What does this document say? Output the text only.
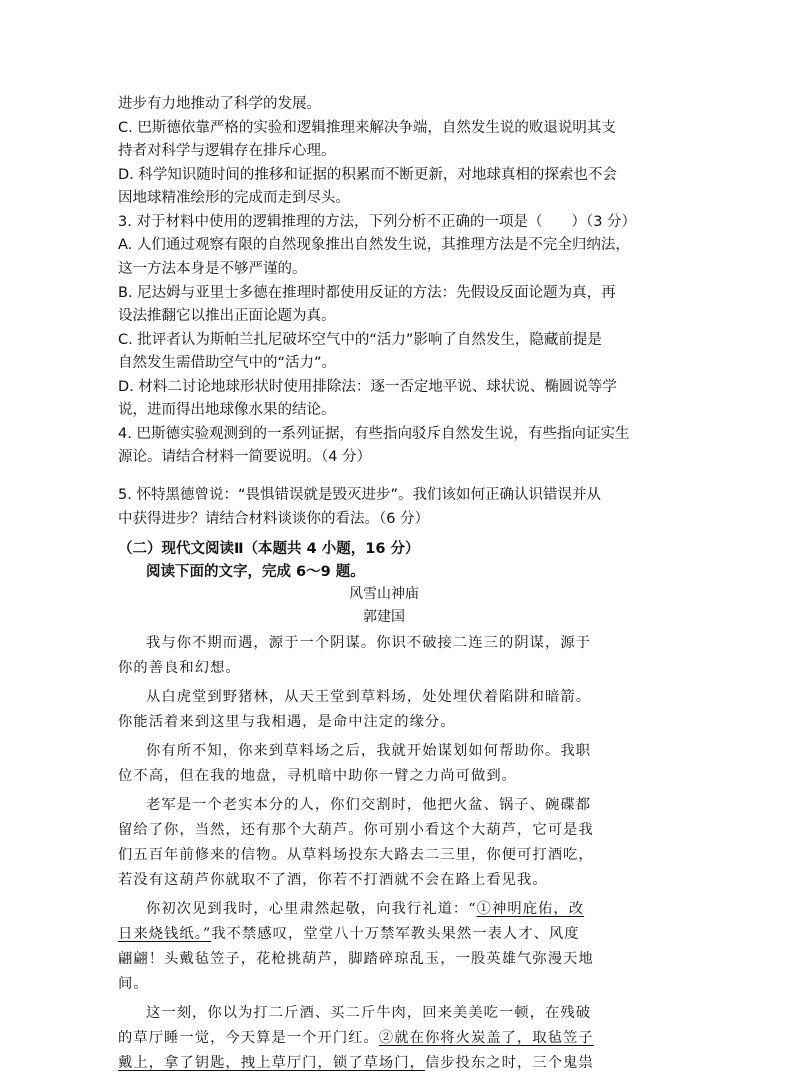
进步有力地推动了科学的发展。
C. 巴斯德依靠严格的实验和逻辑推理来解决争端，自然发生说的败退说明其支
持者对科学与逻辑存在排斥心理。
D. 科学知识随时间的推移和证据的积累而不断更新，对地球真相的探索也不会
因地球精准绘形的完成而走到尽头。
3. 对于材料中使用的逻辑推理的方法，下列分析不正确的一项是（　　）（3 分）
A. 人们通过观察有限的自然现象推出自然发生说，其推理方法是不完全归纳法，
这一方法本身是不够严谨的。
B. 尼达姆与亚里士多德在推理时都使用反证的方法：先假设反面论题为真，再
设法推翻它以推出正面论题为真。
C. 批评者认为斯帕兰扎尼破坏空气中的“活力”影响了自然发生，隐藏前提是
自然发生需借助空气中的“活力”。
D. 材料二讨论地球形状时使用排除法：逐一否定地平说、球状说、椭圆说等学
说，进而得出地球像水果的结论。
4. 巴斯德实验观测到的一系列证据，有些指向驳斥自然发生说，有些指向证实生
源论。请结合材料一简要说明。（4 分）
5. 怀特黑德曾说：“畏惧错误就是毁灭进步”。我们该如何正确认识错误并从
中获得进步？请结合材料谈谈你的看法。（6 分）
（二）现代文阅读Ⅱ（本题共 4 小题，16 分）
阅读下面的文字，完成 6～9 题。
风雪山神庙
郭建国
我与你不期而遇，源于一个阴谋。你识不破接二连三的阴谋，源于
你的善良和幻想。
从白虎堂到野猪林，从天王堂到草料场，处处埋伏着陷阱和暗箭。
你能活着来到这里与我相遇，是命中注定的缘分。
你有所不知，你来到草料场之后，我就开始谋划如何帮助你。我职
位不高，但在我的地盘，寻机暗中助你一臂之力尚可做到。
老军是一个老实本分的人，你们交割时，他把火盆、锅子、碗碟都
留给了你，当然，还有那个大葫芦。你可别小看这个大葫芦，它可是我
们五百年前修来的信物。从草料场投东大路去二三里，你便可打酒吃，
若没有这葫芦你就取不了酒，你若不打酒就不会在路上看见我。
你初次见到我时，心里肃然起敬，向我行礼道：“①神明庇佑，改
日来烧钱纸。”我不禁感叹，堂堂八十万禁军教头果然一表人才、风度
翩翩！头戴毡笠子，花枪挑葫芦，脚踏碎琼乱玉，一股英雄气弥漫天地
间。
这一刻，你以为打二斤酒、买二斤牛肉，回来美美吃一顿，在残破
的草厅睡一觉，今天算是一个开门红。②就在你将火炭盖了，取毡笠子
戴上，拿了钥匙，拽上草厅门，锁了草场门，信步投东之时，三个鬼祟
